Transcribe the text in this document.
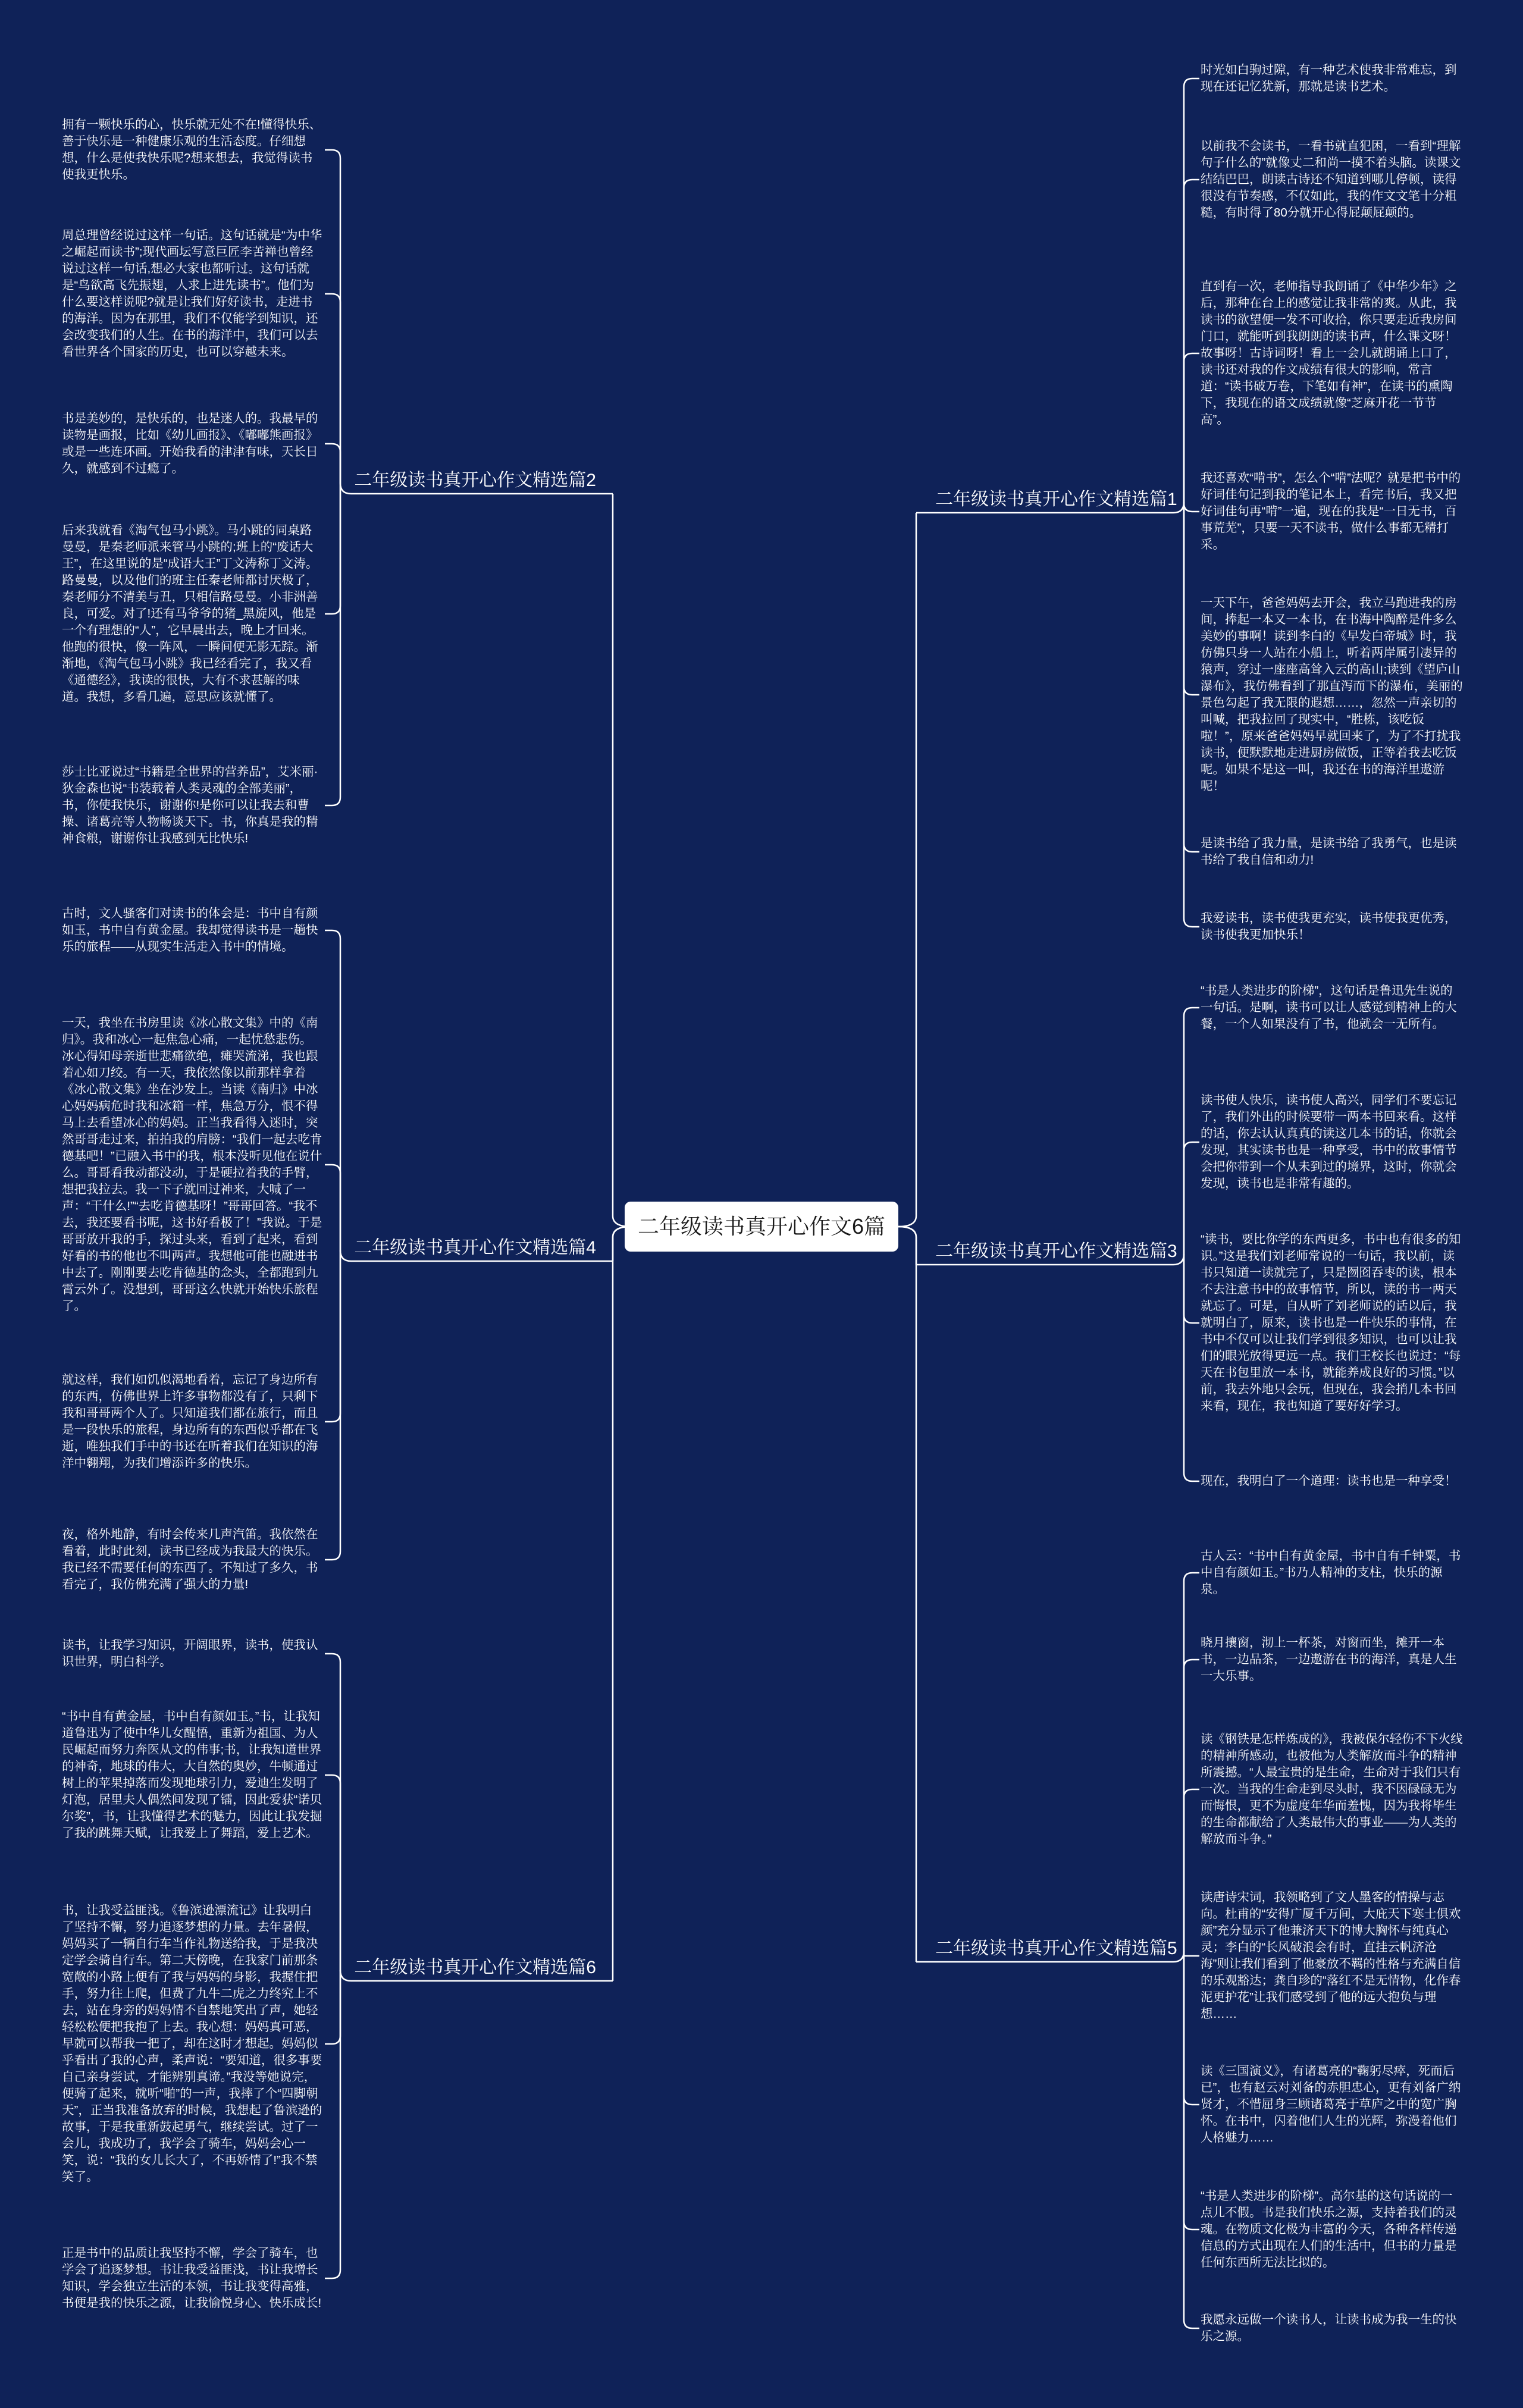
二年级读书真开心作文6篇
二年级读书真开心作文精选篇2
拥有一颗快乐的心，快乐就无处不在!懂得快乐、善于快乐是一种健康乐观的生活态度。仔细想想，什么是使我快乐呢?想来想去，我觉得读书使我更快乐。
周总理曾经说过这样一句话。这句话就是“为中华之崛起而读书”;现代画坛写意巨匠李苦禅也曾经说过这样一句话,想必大家也都听过。这句话就是“鸟欲高飞先振翅，人求上进先读书”。他们为什么要这样说呢?就是让我们好好读书，走进书的海洋。因为在那里，我们不仅能学到知识，还会改变我们的人生。在书的海洋中，我们可以去看世界各个国家的历史，也可以穿越未来。
书是美妙的，是快乐的，也是迷人的。我最早的读物是画报，比如《幼儿画报》、《嘟嘟熊画报》或是一些连环画。开始我看的津津有味，天长日久，就感到不过瘾了。
后来我就看《淘气包马小跳》。马小跳的同桌路曼曼，是秦老师派来管马小跳的;班上的“废话大王”，在这里说的是“成语大王”丁文涛称丁文涛。路曼曼，以及他们的班主任秦老师都讨厌极了，秦老师分不清美与丑，只相信路曼曼。小非洲善良，可爱。对了!还有马爷爷的猪_黑旋风，他是一个有理想的“人”，它早晨出去，晚上才回来。他跑的很快，像一阵风，一瞬间便无影无踪。渐渐地，《淘气包马小跳》我已经看完了，我又看《通德经》，我读的很快，大有不求甚解的味道。我想，多看几遍，意思应该就懂了。
莎士比亚说过“书籍是全世界的营养品”，艾米丽·狄金森也说“书装载着人类灵魂的全部美丽”，书，你使我快乐，谢谢你!是你可以让我去和曹操、诸葛亮等人物畅谈天下。书，你真是我的精神食粮，谢谢你让我感到无比快乐!
二年级读书真开心作文精选篇4
古时，文人骚客们对读书的体会是：书中自有颜如玉，书中自有黄金屋。我却觉得读书是一趟快乐的旅程——从现实生活走入书中的情境。
一天，我坐在书房里读《冰心散文集》中的《南归》。我和冰心一起焦急心痛，一起忧愁悲伤。冰心得知母亲逝世悲痛欲绝，瘫哭流涕，我也跟着心如刀绞。有一天，我依然像以前那样拿着《冰心散文集》坐在沙发上。当读《南归》中冰心妈妈病危时我和冰箱一样，焦急万分，恨不得马上去看望冰心的妈妈。正当我看得入迷时，突然哥哥走过来，拍拍我的肩膀：“我们一起去吃肯德基吧！”已融入书中的我，根本没听见他在说什么。哥哥看我动都没动，于是硬拉着我的手臂，想把我拉去。我一下子就回过神来，大喊了一声：“干什么!”“去吃肯德基呀！”哥哥回答。“我不去，我还要看书呢，这书好看极了！”我说。于是哥哥放开我的手，探过头来，看到了起来，看到好看的书的他也不叫两声。我想他可能也融进书中去了。刚刚要去吃肯德基的念头，全都跑到九霄云外了。没想到，哥哥这么快就开始快乐旅程了。
就这样，我们如饥似渴地看着，忘记了身边所有的东西，仿佛世界上许多事物都没有了，只剩下我和哥哥两个人了。只知道我们都在旅行，而且是一段快乐的旅程，身边所有的东西似乎都在飞逝，唯独我们手中的书还在听着我们在知识的海洋中翱翔，为我们增添许多的快乐。
夜，格外地静，有时会传来几声汽笛。我依然在看着，此时此刻，读书已经成为我最大的快乐。我已经不需要任何的东西了。不知过了多久，书看完了，我仿佛充满了强大的力量!
二年级读书真开心作文精选篇6
读书，让我学习知识，开阔眼界，读书，使我认识世界，明白科学。
“书中自有黄金屋，书中自有颜如玉。”书，让我知道鲁迅为了使中华儿女醒悟，重新为祖国、为人民崛起而努力奔医从文的伟事;书，让我知道世界的神奇，地球的伟大，大自然的奥妙，牛顿通过树上的苹果掉落而发现地球引力，爱迪生发明了灯泡，居里夫人偶然间发现了镭，因此爱获“诺贝尔奖”，书，让我懂得艺术的魅力，因此让我发掘了我的跳舞天赋，让我爱上了舞蹈，爱上艺术。
书，让我受益匪浅。《鲁滨逊漂流记》让我明白了坚持不懈，努力追逐梦想的力量。去年暑假，妈妈买了一辆自行车当作礼物送给我，于是我决定学会骑自行车。第二天傍晚，在我家门前那条宽敞的小路上便有了我与妈妈的身影，我握住把手，努力往上爬，但费了九牛二虎之力终究上不去，站在身旁的妈妈情不自禁地笑出了声，她轻轻松松便把我抱了上去。我心想：妈妈真可恶，早就可以帮我一把了，却在这时才想起。妈妈似乎看出了我的心声，柔声说：“要知道，很多事要自己亲身尝试，才能辨别真谛。”我没等她说完，便骑了起来，就听“啪”的一声，我摔了个“四脚朝天”，正当我准备放弃的时候，我想起了鲁滨逊的故事，于是我重新鼓起勇气，继续尝试。过了一会儿，我成功了，我学会了骑车，妈妈会心一笑，说：“我的女儿长大了，不再娇情了!”我不禁笑了。
正是书中的品质让我坚持不懈，学会了骑车，也学会了追逐梦想。书让我受益匪浅，书让我增长知识，学会独立生活的本领，书让我变得高雅，书便是我的快乐之源，让我愉悦身心、快乐成长!
二年级读书真开心作文精选篇1
时光如白驹过隙，有一种艺术使我非常难忘，到现在还记忆犹新，那就是读书艺术。
以前我不会读书，一看书就直犯困，一看到“理解句子什么的”就像丈二和尚一摸不着头脑。读课文结结巴巴，朗读古诗还不知道到哪儿停顿，读得很没有节奏感，不仅如此，我的作文文笔十分粗糙，有时得了80分就开心得屁颠屁颠的。
直到有一次，老师指导我朗诵了《中华少年》之后，那种在台上的感觉让我非常的爽。从此，我读书的欲望便一发不可收拾，你只要走近我房间门口，就能听到我朗朗的读书声，什么课文呀！故事呀！古诗词呀！看上一会儿就朗诵上口了，读书还对我的作文成绩有很大的影响，常言道：“读书破万卷，下笔如有神”，在读书的熏陶下，我现在的语文成绩就像“芝麻开花一节节高”。
我还喜欢“啃书”，怎么个“啃”法呢？就是把书中的好词佳句记到我的笔记本上，看完书后，我又把好词佳句再“啃”一遍，现在的我是“一日无书，百事荒芜”，只要一天不读书，做什么事都无精打采。
一天下午，爸爸妈妈去开会，我立马跑进我的房间，捧起一本又一本书，在书海中陶醉是件多么美妙的事啊！读到李白的《早发白帝城》时，我仿佛只身一人站在小船上，听着两岸属引凄异的猿声，穿过一座座高耸入云的高山;读到《望庐山瀑布》，我仿佛看到了那直泻而下的瀑布，美丽的景色勾起了我无限的遐想……，忽然一声亲切的叫喊，把我拉回了现实中，“胜栋，该吃饭啦！”，原来爸爸妈妈早就回来了，为了不打扰我读书，便默默地走进厨房做饭，正等着我去吃饭呢。如果不是这一叫，我还在书的海洋里遨游呢！
是读书给了我力量，是读书给了我勇气，也是读书给了我自信和动力!
我爱读书，读书使我更充实，读书使我更优秀，读书使我更加快乐！
二年级读书真开心作文精选篇3
“书是人类进步的阶梯”，这句话是鲁迅先生说的一句话。是啊，读书可以让人感觉到精神上的大餐，一个人如果没有了书，他就会一无所有。
读书使人快乐，读书使人高兴，同学们不要忘记了，我们外出的时候要带一两本书回来看。这样的话，你去认认真真的读这几本书的话，你就会发现，其实读书也是一种享受，书中的故事情节会把你带到一个从未到过的境界，这时，你就会发现，读书也是非常有趣的。
“读书，要比你学的东西更多，书中也有很多的知识。”这是我们刘老师常说的一句话，我以前，读书只知道一读就完了，只是囫囵吞枣的读，根本不去注意书中的故事情节，所以，读的书一两天就忘了。可是，自从听了刘老师说的话以后，我就明白了，原来，读书也是一件快乐的事情，在书中不仅可以让我们学到很多知识，也可以让我们的眼光放得更远一点。我们王校长也说过：“每天在书包里放一本书，就能养成良好的习惯。”以前，我去外地只会玩，但现在，我会捎几本书回来看，现在，我也知道了要好好学习。
现在，我明白了一个道理：读书也是一种享受！
二年级读书真开心作文精选篇5
古人云：“书中自有黄金屋，书中自有千钟粟，书中自有颜如玉。”书乃人精神的支柱，快乐的源泉。
晓月攘窗，沏上一杯茶，对窗而坐，摊开一本书，一边品茶，一边遨游在书的海洋，真是人生一大乐事。
读《钢铁是怎样炼成的》，我被保尔轻伤不下火线的精神所感动，也被他为人类解放而斗争的精神所震撼。“人最宝贵的是生命，生命对于我们只有一次。当我的生命走到尽头时，我不因碌碌无为而悔恨，更不为虚度年华而羞愧，因为我将毕生的生命都献给了人类最伟大的事业——为人类的解放而斗争。”
读唐诗宋词，我领略到了文人墨客的情操与志向。杜甫的“安得广厦千万间，大庇天下寒士俱欢颜”充分显示了他兼济天下的博大胸怀与纯真心灵；李白的“长风破浪会有时，直挂云帆济沧海”则让我们看到了他豪放不羁的性格与充满自信的乐观豁达；龚自珍的“落红不是无情物，化作春泥更护花”让我们感受到了他的远大抱负与理想……
读《三国演义》，有诸葛亮的“鞠躬尽瘁，死而后已”，也有赵云对刘备的赤胆忠心，更有刘备广纳贤才，不惜屈身三顾诸葛亮于草庐之中的宽广胸怀。在书中，闪着他们人生的光辉，弥漫着他们人格魅力……
“书是人类进步的阶梯”。高尔基的这句话说的一点儿不假。书是我们快乐之源，支持着我们的灵魂。在物质文化极为丰富的今天，各种各样传递信息的方式出现在人们的生活中，但书的力量是任何东西所无法比拟的。
我愿永远做一个读书人，让读书成为我一生的快乐之源。
